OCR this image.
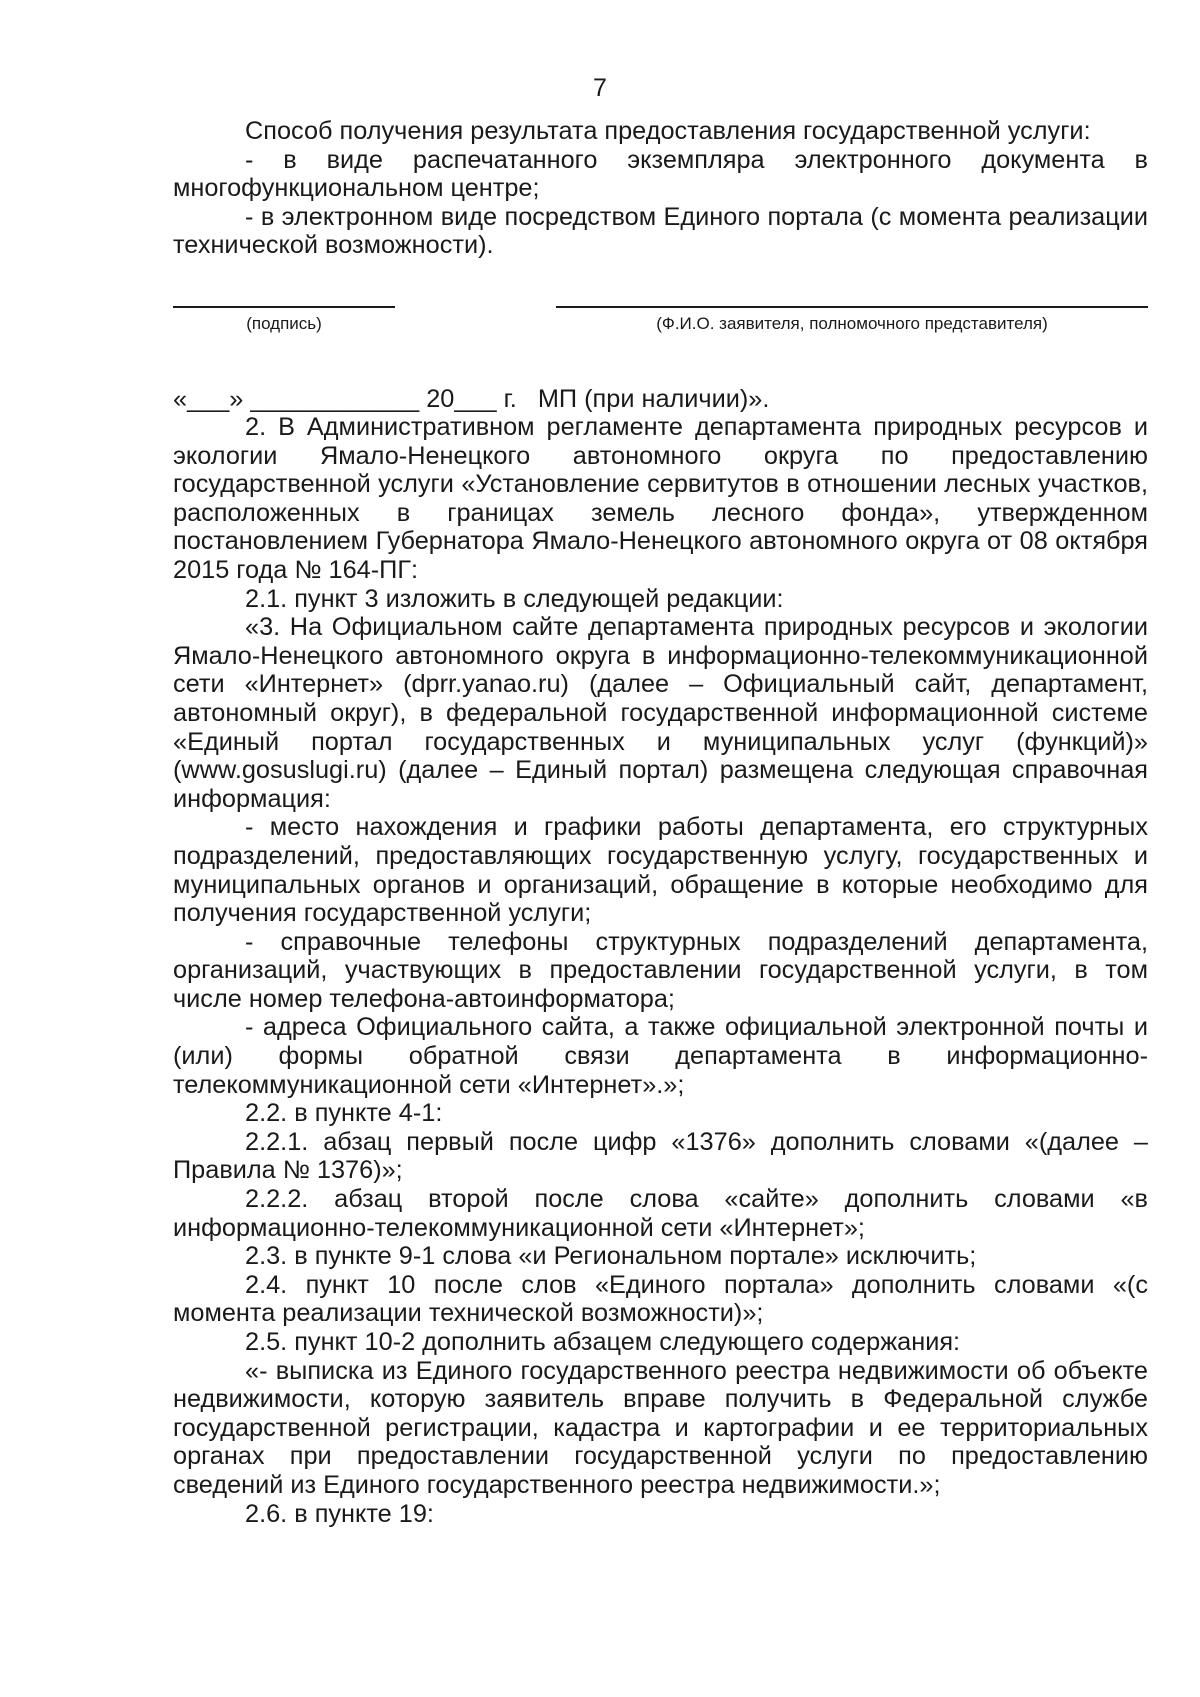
7

Способ получения результата предоставления государственной услуги:

- в виде распечатанного экземпляра электронного документа в многофункциональном центре;

- в электронном виде посредством Единого портала (с момента реализации технической возможности).

(подпись)	(Ф.И.О. заявителя, полномочного представителя)
«___» ____________ 20___ г.   МП (при наличии)».

2. В Административном регламенте департамента природных ресурсов и экологии Ямало-Ненецкого автономного округа по предоставлению государственной услуги «Установление сервитутов в отношении лесных участков, расположенных в границах земель лесного фонда», утвержденном постановлением Губернатора Ямало-Ненецкого автономного округа от 08 октября 2015 года № 164-ПГ:

2.1. пункт 3 изложить в следующей редакции:

«3. На Официальном сайте департамента природных ресурсов и экологии Ямало-Ненецкого автономного округа в информационно-телекоммуникационной сети «Интернет» (dprr.yanao.ru) (далее – Официальный сайт, департамент, автономный округ), в федеральной государственной информационной системе «Единый портал государственных и муниципальных услуг (функций)» (www.gosuslugi.ru) (далее – Единый портал) размещена следующая справочная информация:

- место нахождения и графики работы департамента, его структурных подразделений, предоставляющих государственную услугу, государственных и муниципальных органов и организаций, обращение в которые необходимо для получения государственной услуги;

- справочные телефоны структурных подразделений департамента, организаций, участвующих в предоставлении государственной услуги, в том числе номер телефона-автоинформатора;

- адреса Официального сайта, а также официальной электронной почты и (или) формы обратной связи департамента в информационно-телекоммуникационной сети «Интернет».»;

2.2. в пункте 4-1:

2.2.1. абзац первый после цифр «1376» дополнить словами «(далее – Правила № 1376)»;

2.2.2. абзац второй после слова «сайте» дополнить словами «в информационно-телекоммуникационной сети «Интернет»;

2.3. в пункте 9-1 слова «и Региональном портале» исключить;

2.4. пункт 10 после слов «Единого портала» дополнить словами «(с момента реализации технической возможности)»;

2.5. пункт 10-2 дополнить абзацем следующего содержания:

«- выписка из Единого государственного реестра недвижимости об объекте недвижимости, которую заявитель вправе получить в Федеральной службе государственной регистрации, кадастра и картографии и ее территориальных органах при предоставлении государственной услуги по предоставлению сведений из Единого государственного реестра недвижимости.»;

2.6. в пункте 19:
